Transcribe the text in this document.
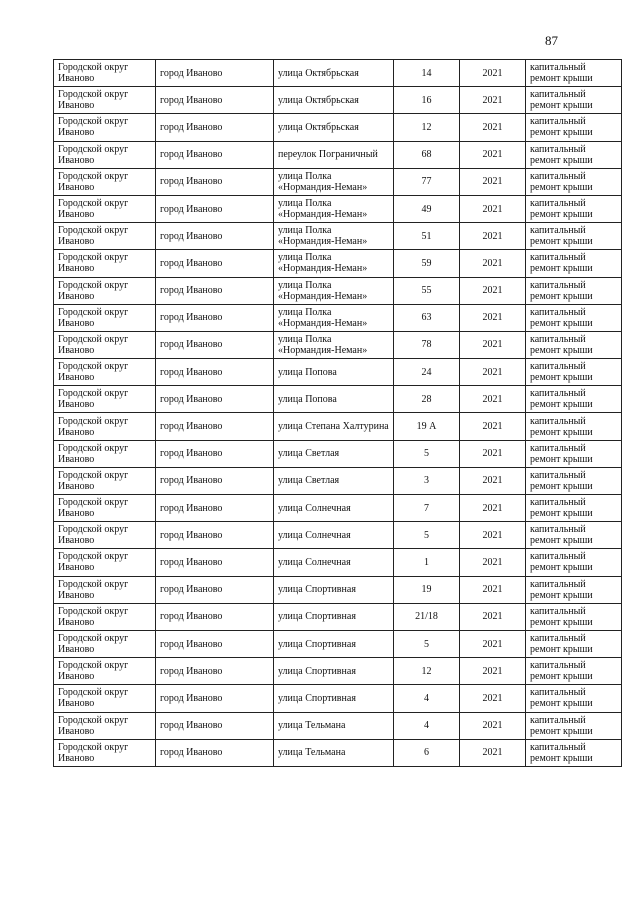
87
Городской округ Иваново	город Иваново	улица Октябрьская	14	2021	капитальный ремонт крыши
Городской округ Иваново	город Иваново	улица Октябрьская	16	2021	капитальный ремонт крыши
Городской округ Иваново	город Иваново	улица Октябрьская	12	2021	капитальный ремонт крыши
Городской округ Иваново	город Иваново	переулок Пограничный	68	2021	капитальный ремонт крыши
Городской округ Иваново	город Иваново	улица Полка «Нормандия-Неман»	77	2021	капитальный ремонт крыши
Городской округ Иваново	город Иваново	улица Полка «Нормандия-Неман»	49	2021	капитальный ремонт крыши
Городской округ Иваново	город Иваново	улица Полка «Нормандия-Неман»	51	2021	капитальный ремонт крыши
Городской округ Иваново	город Иваново	улица Полка «Нормандия-Неман»	59	2021	капитальный ремонт крыши
Городской округ Иваново	город Иваново	улица Полка «Нормандия-Неман»	55	2021	капитальный ремонт крыши
Городской округ Иваново	город Иваново	улица Полка «Нормандия-Неман»	63	2021	капитальный ремонт крыши
Городской округ Иваново	город Иваново	улица Полка «Нормандия-Неман»	78	2021	капитальный ремонт крыши
Городской округ Иваново	город Иваново	улица Попова	24	2021	капитальный ремонт крыши
Городской округ Иваново	город Иваново	улица Попова	28	2021	капитальный ремонт крыши
Городской округ Иваново	город Иваново	улица Степана Халтурина	19 А	2021	капитальный ремонт крыши
Городской округ Иваново	город Иваново	улица Светлая	5	2021	капитальный ремонт крыши
Городской округ Иваново	город Иваново	улица Светлая	3	2021	капитальный ремонт крыши
Городской округ Иваново	город Иваново	улица Солнечная	7	2021	капитальный ремонт крыши
Городской округ Иваново	город Иваново	улица Солнечная	5	2021	капитальный ремонт крыши
Городской округ Иваново	город Иваново	улица Солнечная	1	2021	капитальный ремонт крыши
Городской округ Иваново	город Иваново	улица Спортивная	19	2021	капитальный ремонт крыши
Городской округ Иваново	город Иваново	улица Спортивная	21/18	2021	капитальный ремонт крыши
Городской округ Иваново	город Иваново	улица Спортивная	5	2021	капитальный ремонт крыши
Городской округ Иваново	город Иваново	улица Спортивная	12	2021	капитальный ремонт крыши
Городской округ Иваново	город Иваново	улица Спортивная	4	2021	капитальный ремонт крыши
Городской округ Иваново	город Иваново	улица Тельмана	4	2021	капитальный ремонт крыши
Городской округ Иваново	город Иваново	улица Тельмана	6	2021	капитальный ремонт крыши
